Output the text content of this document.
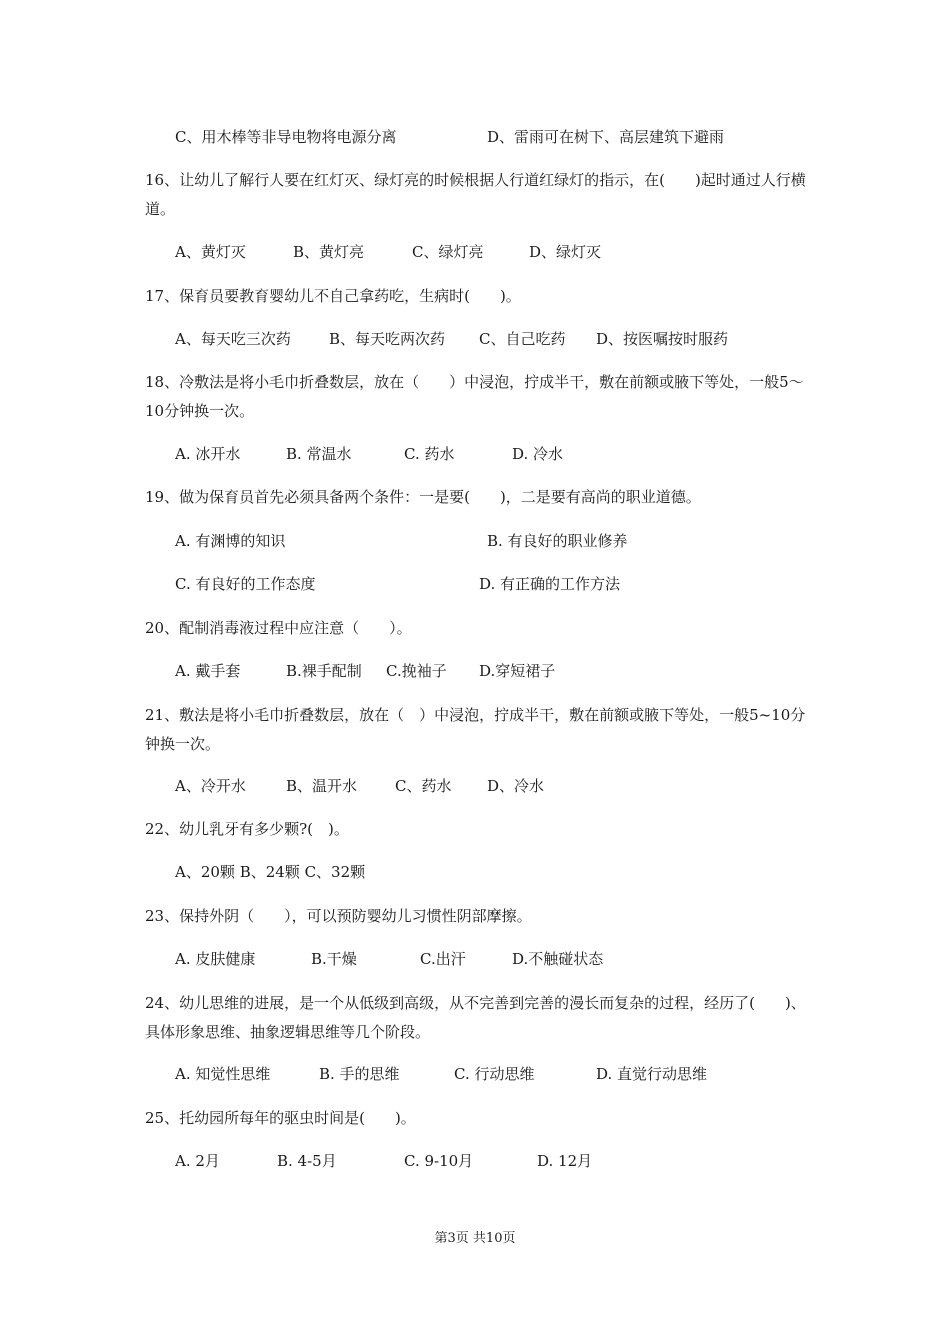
C、用木棒等非导电物将电源分离	D、雷雨可在树下、高层建筑下避雨
16、让幼儿了解行人要在红灯灭、绿灯亮的时候根据人行道红绿灯的指示，在(　　)起时通过人行横道。
A、黄灯灭	B、黄灯亮	C、绿灯亮	D、绿灯灭
17、保育员要教育婴幼儿不自己拿药吃，生病时(　　)。
A、每天吃三次药	B、每天吃两次药 C、自己吃药 D、按医嘱按时服药
18、冷敷法是将小毛巾折叠数层，放在（　　）中浸泡，拧成半干，敷在前额或腋下等处，一般5～10分钟换一次。
A. 冰开水	B. 常温水	C. 药水	D. 冷水
19、做为保育员首先必须具备两个条件：一是要(　　)，二是要有高尚的职业道德。
A. 有渊博的知识	B. 有良好的职业修养
C. 有良好的工作态度	D. 有正确的工作方法
20、配制消毒液过程中应注意（　　）。
A. 戴手套	B.裸手配制 C.挽袖子 D.穿短裙子
21、敷法是将小毛巾折叠数层，放在（　）中浸泡，拧成半干，敷在前额或腋下等处，一般5~10分钟换一次。
A、冷开水	B、温开水	C、药水 D、冷水
22、幼儿乳牙有多少颗?(　)。
A、20颗 B、24颗 C、32颗
23、保持外阴（　　），可以预防婴幼儿习惯性阴部摩擦。
A. 皮肤健康	B.干燥	C.出汗	D.不触碰状态
24、幼儿思维的进展，是一个从低级到高级，从不完善到完善的漫长而复杂的过程，经历了(　　)、具体形象思维、抽象逻辑思维等几个阶段。
A. 知觉性思维	B. 手的思维	C. 行动思维	D. 直觉行动思维
25、托幼园所每年的驱虫时间是(　　)。
A. 2月	B. 4-5月	C. 9-10月	D. 12月
第3页 共10页
